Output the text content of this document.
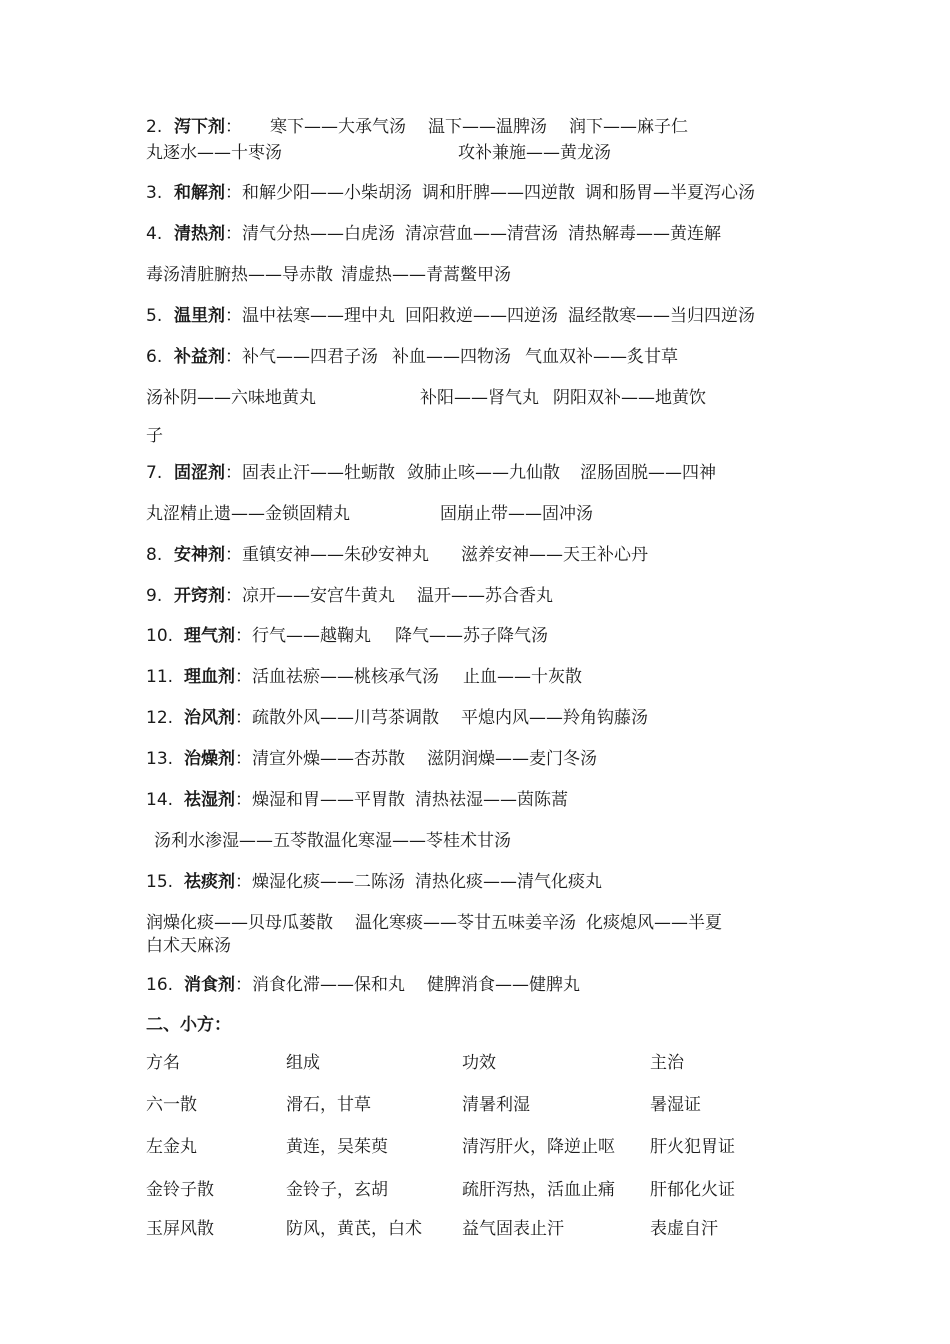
2. 泻下剂： 寒下——大承气汤 温下——温脾汤 润下——麻子仁
丸逐水——十枣汤	攻补兼施——黄龙汤
3. 和解剂：和解少阳——小柴胡汤 调和肝脾——四逆散 调和肠胃—半夏泻心汤
4. 清热剂：清气分热——白虎汤 清凉营血——清营汤 清热解毒——黄连解
毒汤清脏腑热——导赤散 清虚热——青蒿鳖甲汤
5. 温里剂：温中祛寒——理中丸 回阳救逆——四逆汤 温经散寒——当归四逆汤
6. 补益剂：补气——四君子汤 补血——四物汤 气血双补——炙甘草
汤补阴——六味地黄丸	补阳——肾气丸 阴阳双补——地黄饮
子
7. 固涩剂：固表止汗——牡蛎散 敛肺止咳——九仙散 涩肠固脱——四神
丸涩精止遗——金锁固精丸	固崩止带——固冲汤
8. 安神剂：重镇安神——朱砂安神丸 滋养安神——天王补心丹
9. 开窍剂：凉开——安宫牛黄丸 温开——苏合香丸
10. 理气剂：行气——越鞠丸 降气——苏子降气汤
11. 理血剂：活血祛瘀——桃核承气汤 止血——十灰散
12. 治风剂：疏散外风——川芎茶调散 平熄内风——羚角钩藤汤
13. 治燥剂：清宣外燥——杏苏散 滋阴润燥——麦门冬汤
14. 祛湿剂：燥湿和胃——平胃散 清热祛湿——茵陈蒿
汤利水渗湿——五苓散温化寒湿——苓桂术甘汤
15. 祛痰剂：燥湿化痰——二陈汤 清热化痰——清气化痰丸
润燥化痰——贝母瓜蒌散 温化寒痰——苓甘五味姜辛汤 化痰熄风——半夏
白术天麻汤
16. 消食剂：消食化滞——保和丸 健脾消食——健脾丸
二、小方：
方名	组成	功效	主治
六一散	滑石，甘草	清暑利湿	暑湿证
左金丸	黄连，吴茱萸	清泻肝火，降逆止呕 肝火犯胃证
金铃子散	金铃子，玄胡	疏肝泻热，活血止痛 肝郁化火证
玉屏风散	防风，黄芪，白术 益气固表止汗	表虚自汗
